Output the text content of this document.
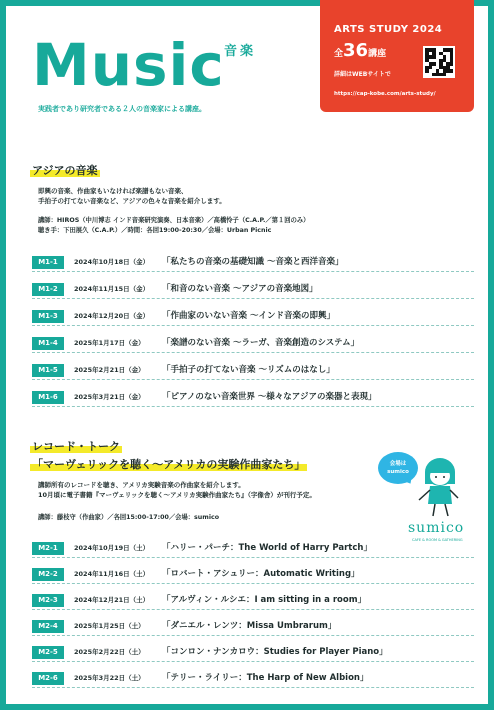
Music 音楽
実践者であり研究者である２人の音楽家による講座。
ARTS STUDY 2024
全36講座
詳細はWEBサイトで
https://cap-kobe.com/arts-study/
アジアの音楽
即興の音楽、作曲家もいなければ楽譜もない音楽、
手拍子の打てない音楽など、アジアの色々な音楽を紹介します。
講師：HIROS（中川博志 インド音楽研究演奏、日本音楽）／高橋怜子（C.A.P.／第１回のみ）
聴き手：下田展久（C.A.P.）／時間：各回19:00-20:30／会場：Urban Picnic
M1-1	2024年10月18日（金） 「私たちの音楽の基礎知識 〜音楽と西洋音楽」
M1-2	2024年11月15日（金） 「和音のない音楽 〜アジアの音楽地図」
M1-3	2024年12月20日（金） 「作曲家のいない音楽 〜インド音楽の即興」
M1-4	2025年1月17日（金） 「楽譜のない音楽 〜ラーガ、音楽創造のシステム」
M1-5	2025年2月21日（金） 「手拍子の打てない音楽 〜リズムのはなし」
M1-6	2025年3月21日（金） 「ピアノのない音楽世界 〜様々なアジアの楽器と表現」
レコード・トーク
「マーヴェリックを聴く〜アメリカの実験作曲家たち」
講師所有のレコードを聴き、アメリカ実験音楽の作曲家を紹介します。
10月頃に電子書籍『マーヴェリックを聴く〜アメリカ実験作曲家たち』（字像舎）が刊行予定。
講師：藤枝守（作曲家）／各回15:00-17:00／会場：sumico
会場は
sumico
sumico
CAFE & ROOM & GATHERING
M2-1	2024年10月19日（土） 「ハリー・パーチ：The World of Harry Partch」
M2-2	2024年11月16日（土） 「ロバート・アシュリー：Automatic Writing」
M2-3	2024年12月21日（土） 「アルヴィン・ルシエ：I am sitting in a room」
M2-4	2025年1月25日（土） 「ダニエル・レンツ：Missa Umbrarum」
M2-5	2025年2月22日（土） 「コンロン・ナンカロウ：Studies for Player Piano」
M2-6	2025年3月22日（土） 「テリー・ライリー：The Harp of New Albion」
